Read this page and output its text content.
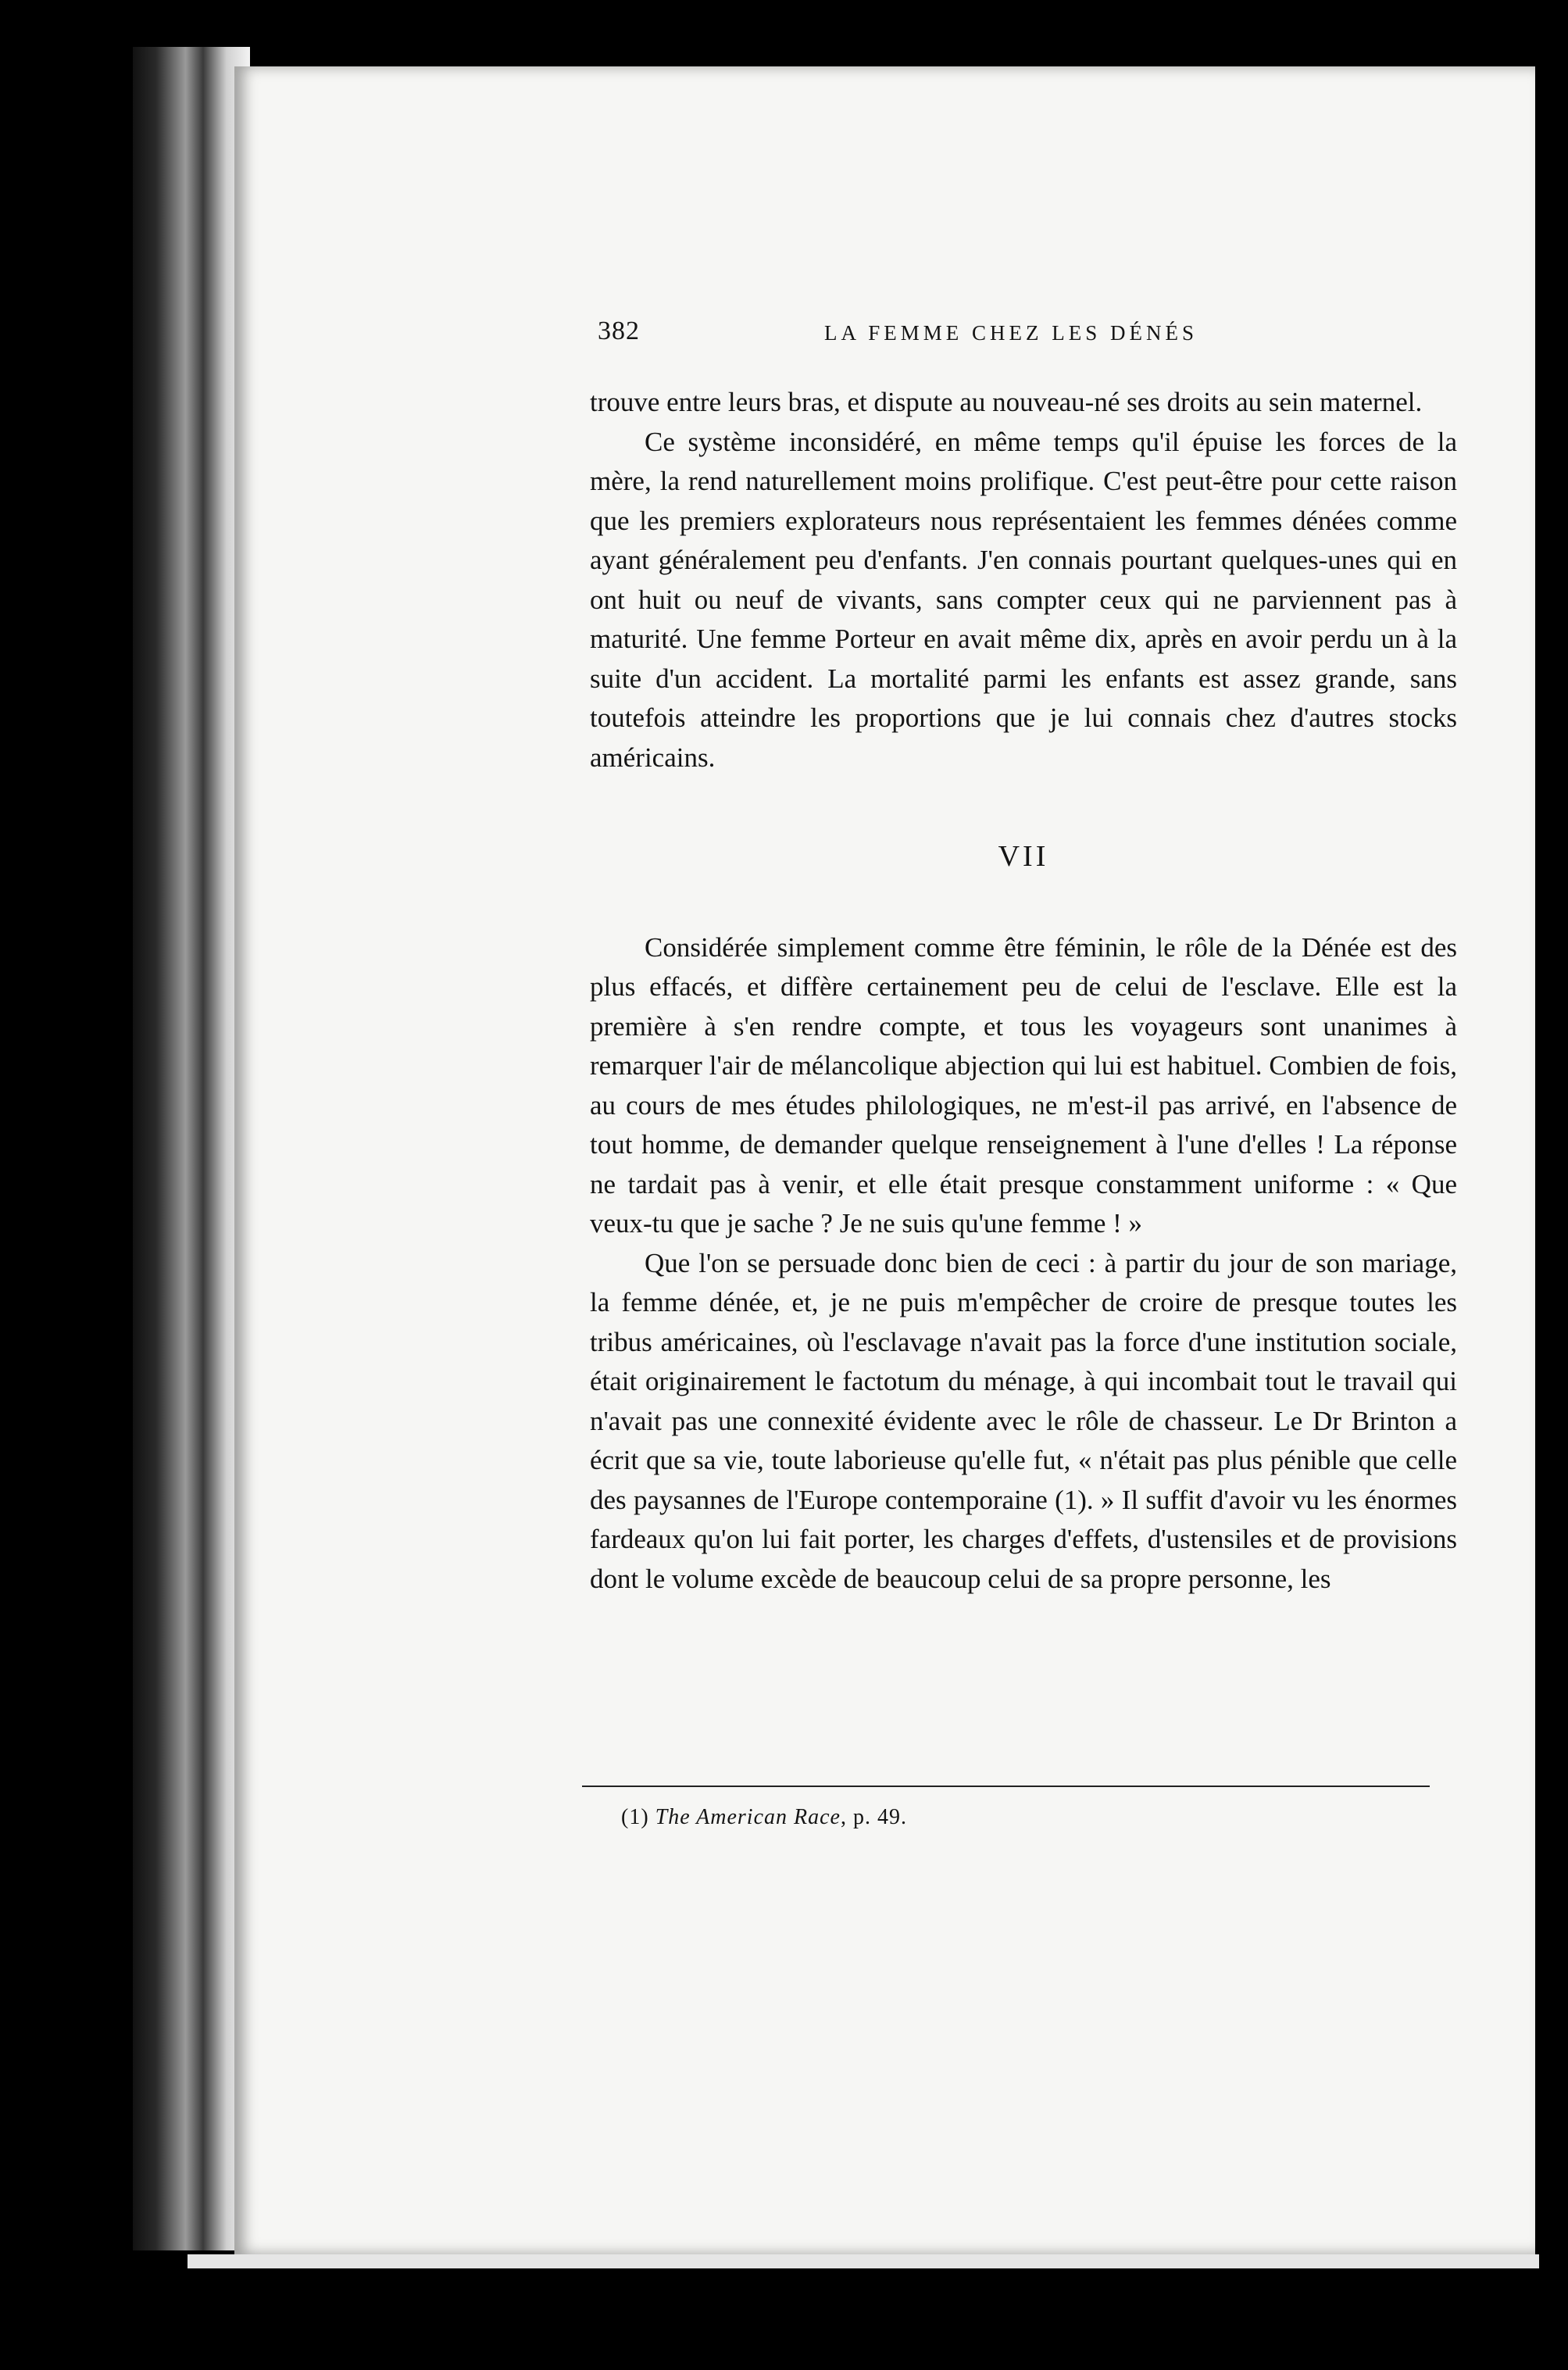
382	LA FEMME CHEZ LES DÉNÉS

trouve entre leurs bras, et dispute au nouveau-né ses droits au sein maternel.

Ce système inconsidéré, en même temps qu'il épuise les forces de la mère, la rend naturellement moins prolifique. C'est peut-être pour cette raison que les premiers explorateurs nous représentaient les femmes dénées comme ayant généralement peu d'enfants. J'en connais pourtant quelques-unes qui en ont huit ou neuf de vivants, sans compter ceux qui ne parviennent pas à maturité. Une femme Porteur en avait même dix, après en avoir perdu un à la suite d'un accident. La mortalité parmi les enfants est assez grande, sans toutefois atteindre les proportions que je lui connais chez d'autres stocks américains.

VII

Considérée simplement comme être féminin, le rôle de la Dénée est des plus effacés, et diffère certainement peu de celui de l'esclave. Elle est la première à s'en rendre compte, et tous les voyageurs sont unanimes à remarquer l'air de mélancolique abjection qui lui est habituel. Combien de fois, au cours de mes études philologiques, ne m'est-il pas arrivé, en l'absence de tout homme, de demander quelque renseignement à l'une d'elles ! La réponse ne tardait pas à venir, et elle était presque constamment uniforme : « Que veux-tu que je sache ? Je ne suis qu'une femme ! »

Que l'on se persuade donc bien de ceci : à partir du jour de son mariage, la femme dénée, et, je ne puis m'empêcher de croire de presque toutes les tribus américaines, où l'esclavage n'avait pas la force d'une institution sociale, était originairement le factotum du ménage, à qui incombait tout le travail qui n'avait pas une connexité évidente avec le rôle de chasseur. Le Dr Brinton a écrit que sa vie, toute laborieuse qu'elle fut, « n'était pas plus pénible que celle des paysannes de l'Europe contemporaine (1). » Il suffit d'avoir vu les énormes fardeaux qu'on lui fait porter, les charges d'effets, d'ustensiles et de provisions dont le volume excède de beaucoup celui de sa propre personne, les

(1) The American Race, p. 49.
